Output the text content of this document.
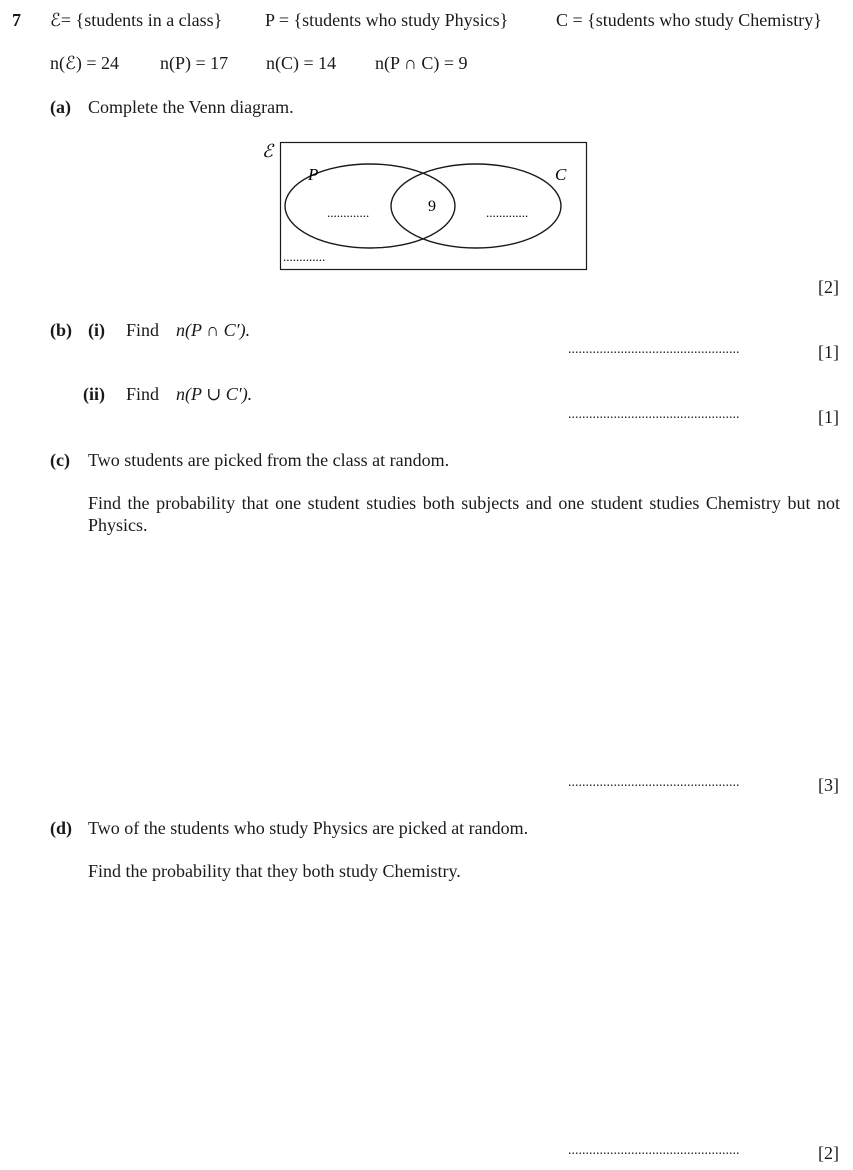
7 ℰ= {students in a class} P = {students who study Physics}	C = {students who study Chemistry}
n(ℰ) = 24 n(P) = 17 n(C) = 14 n(P ∩ C) = 9
(a) Complete the Venn diagram.
ℰ
P	C
9
.............	.............
.............
[2]
(b) (i) Find n(P ∩ C′).
.................................................	[1]
(ii) Find n(P ∪ C′).
.................................................	[1]
(c) Two students are picked from the class at random.
Find the probability that one student studies both subjects and one student studies Chemistry but not Physics.
.................................................	[3]
(d) Two of the students who study Physics are picked at random.
Find the probability that they both study Chemistry.
.................................................	[2]
